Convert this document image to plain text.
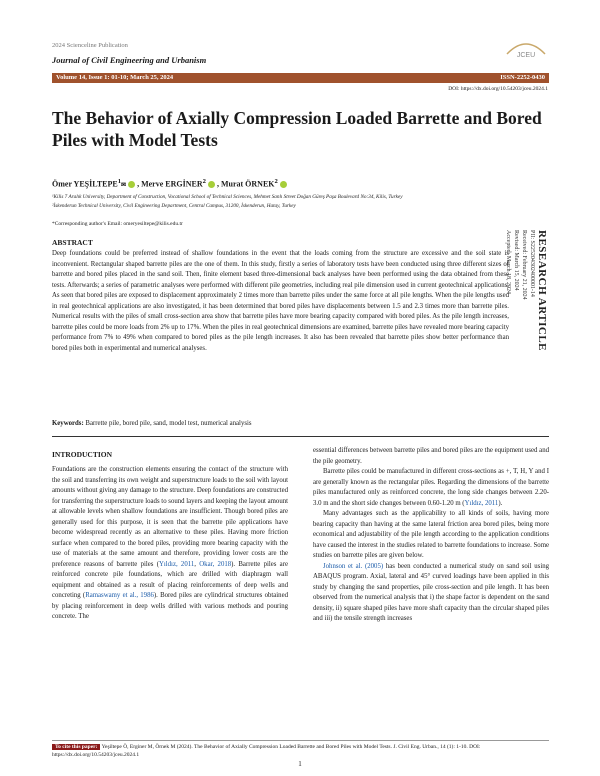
2024 Scienceline Publication
Journal of Civil Engineering and Urbanism	JCEU
Volume 14, Issue 1: 01-10; March 25, 2024	ISSN-2252-0430
DOI: https://dx.doi.org/10.54203/jceu.2024.1
The Behavior of Axially Compression Loaded Barrette and Bored Piles with Model Tests
Ömer YEŞİLTEPE$^1$✉ , Merve ERGİNER$^2$ , Murat ÖRNEK$^2$
¹Kilis 7 Aralık University, Department of Construction, Vocational School of Technical Sciences, Mehmet Sanlı Street Doğan Güreş Paşa Boulevard No:34, Kilis, Turkey
²İskenderun Technical University, Civil Engineering Department, Central Campus, 31200, İskenderun, Hatay, Turkey
*Corresponding author's Email: omeryesiltepe@kilis.edu.tr
ABSTRACT
Deep foundations could be preferred instead of shallow foundations in the event that the loads coming from the structure are excessive and the soil state is inconvenient. Rectangular shaped barrette piles are the one of them. In this study, firstly a series of laboratory tests have been conducted using three different sizes of barrette and bored piles placed in the sand soil. Then, finite element based three-dimensional back analyses have been performed using the data obtained from these tests. Afterwards; a series of parametric analyses were performed with different pile geometries, including real pile dimension used in current geotechnical applications. As seen that bored piles are exposed to displacement approximately 2 times more than barrette piles under the same force at all pile lengths. When the pile lengths used in real geotechnical applications are also investigated, it has been determined that bored piles have displacements between 1.5 and 2.3 times more than barrette piles. Numerical results with the piles of small cross-section area show that barrette piles have more bearing capacity compared with bored piles. As the pile length increases, barrette piles could be more loads from 2% up to 17%. When the piles in real geotechnical dimensions are examined, barrette piles have revealed more bearing capacity performance from 7% to 49% when compared to bored piles as the pile length increases. It also has been revealed that barrette piles show better performance than bored piles both in experimental and numerical analyses.	RESEARCH ARTICLE
PII: S225204302400001-14
Received: February 21, 2024
Revised: March 15, 2024
Accepted: March 18, 2024
Keywords: Barrette pile, bored pile, sand, model test, numerical analysis
INTRODUCTION

Foundations are the construction elements ensuring the contact of the structure with the soil and transferring its own weight and superstructure loads to the soil with layout amounts without giving any damage to the structure. Deep foundations are constructed for transferring the superstructure loads to sound layers and keeping the layout amount at allowable levels when shallow foundations are insufficient. Though bored piles are generally used for this purpose, it is seen that the barrette pile applications have become widespread recently as an alternative to these piles. Having more friction surface when compared to the bored piles, providing more bearing capacity with the use of materials at the same amount and therefore, providing lower costs are the preference reasons of barrette piles (Yıldız, 2011, Okar, 2018). Barrette piles are reinforced concrete pile foundations, which are drilled with diaphragm wall equipment and obtained as a result of placing reinforcements of deep wells and concreting (Ramaswamy et al., 1986). Bored piles are cylindrical structures obtained by placing reinforcement in deep wells drilled with various methods and pouring concrete. The

essential differences between barrette piles and bored piles are the equipment used and the pile geometry.

Barrette piles could be manufactured in different cross-sections as +, T, H, Y and I are generally known as the rectangular piles. Regarding the dimensions of the barrette piles manufactured only as reinforced concrete, the long side changes between 2.20-3.0 m and the short side changes between 0.60-1.20 m (Yıldız, 2011).

Many advantages such as the applicability to all kinds of soils, having more bearing capacity than having at the same lateral friction area bored piles, being more economical and adjustability of the pile length according to the application conditions have caused the interest in the studies related to barrette foundations to increase. Some studies on barrette piles are given below.

Johnson et al. (2005) has been conducted a numerical study on sand soil using ABAQUS program. Axial, lateral and 45° curved loadings have been applied in this study by changing the sand properties, pile cross-section and pile length. It has been observed from the numerical analysis that i) the shape factor is dependent on the sand density, ii) square shaped piles have more shaft capacity than the circular shaped piles and iii) the tensile strength increases

To cite this paper: Yeşiltepe Ö, Erginer M, Örnek M (2024). The Behavior of Axially Compression Loaded Barrette and Bored Piles with Model Tests. J. Civil Eng. Urban., 14 (1): 1-10. DOI: https://dx.doi.org/10.54203/jceu.2024.1
1
